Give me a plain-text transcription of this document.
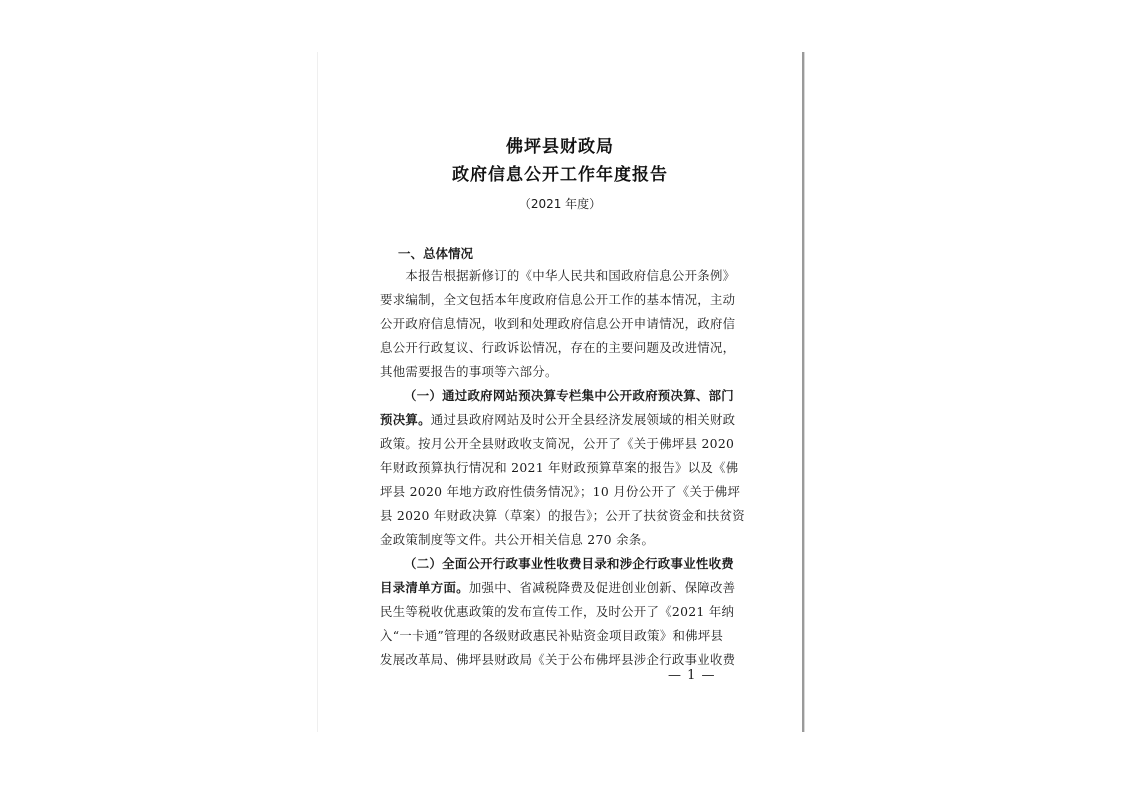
佛坪县财政局
政府信息公开工作年度报告
（2021 年度）
一、总体情况
　　本报告根据新修订的《中华人民共和国政府信息公开条例》
要求编制，全文包括本年度政府信息公开工作的基本情况，主动
公开政府信息情况，收到和处理政府信息公开申请情况，政府信
息公开行政复议、行政诉讼情况，存在的主要问题及改进情况，
其他需要报告的事项等六部分。
（一）通过政府网站预决算专栏集中公开政府预决算、部门
预决算。通过县政府网站及时公开全县经济发展领域的相关财政
政策。按月公开全县财政收支简况，公开了《关于佛坪县 2020
年财政预算执行情况和 2021 年财政预算草案的报告》以及《佛
坪县 2020 年地方政府性债务情况》；10 月份公开了《关于佛坪
县 2020 年财政决算（草案）的报告》；公开了扶贫资金和扶贫资
金政策制度等文件。共公开相关信息 270 余条。
（二）全面公开行政事业性收费目录和涉企行政事业性收费
目录清单方面。加强中、省减税降费及促进创业创新、保障改善
民生等税收优惠政策的发布宣传工作，及时公开了《2021 年纳
入“一卡通”管理的各级财政惠民补贴资金项目政策》和佛坪县
发展改革局、佛坪县财政局《关于公布佛坪县涉企行政事业收费
— 1 —
